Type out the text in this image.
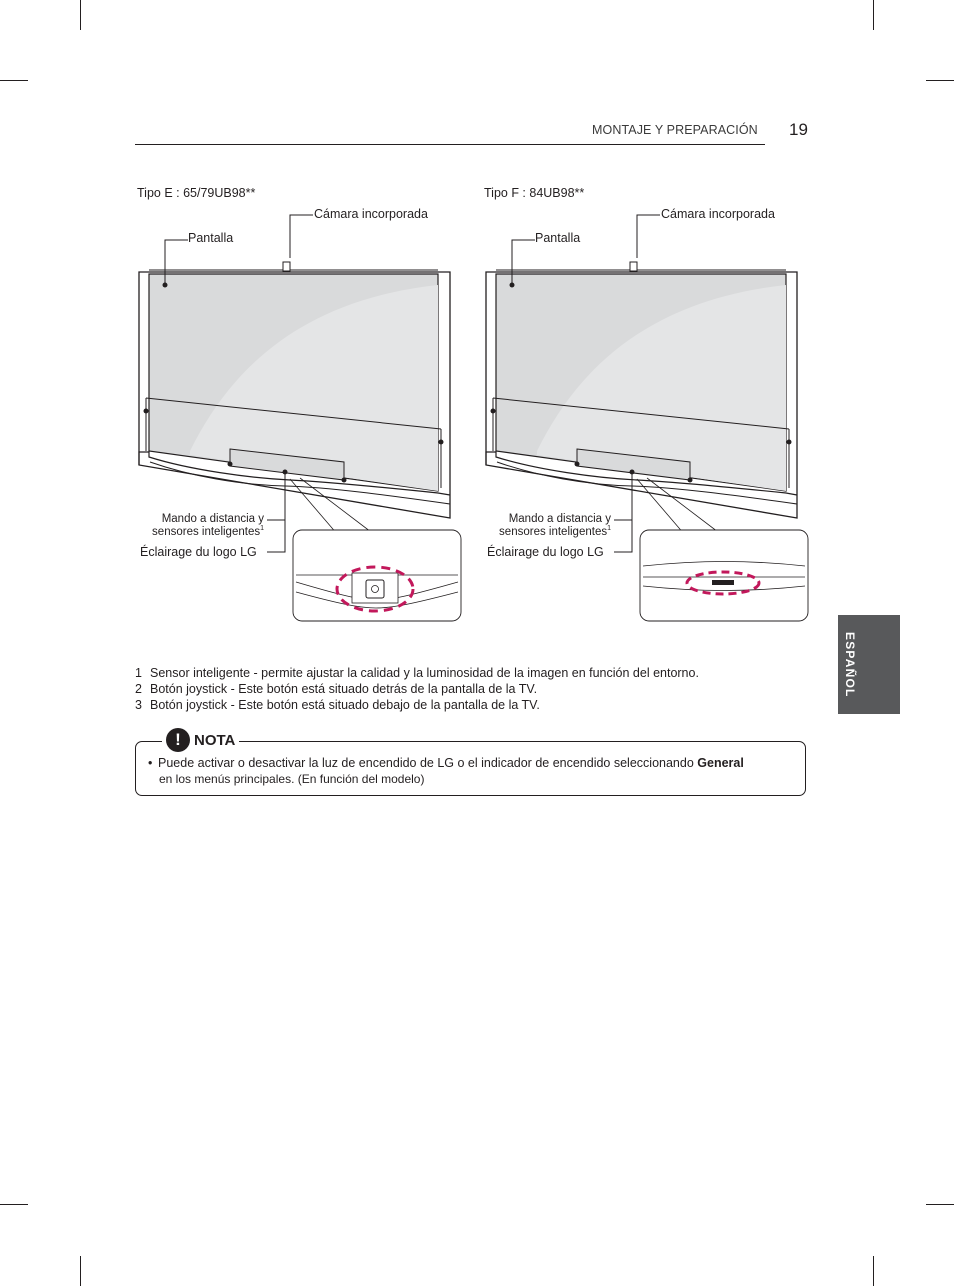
MONTAJE Y PREPARACIÓN 19
Tipo E : 65/79UB98**
Cámara incorporada
Pantalla
Mando a distancia y
sensores inteligentes$^1$
Éclairage du logo LG
Tipo F : 84UB98**
Cámara incorporada
Pantalla
Mando a distancia y
sensores inteligentes$^1$
Éclairage du logo LG
1 Sensor inteligente - permite ajustar la calidad y la luminosidad de la imagen en función del entorno.
2 Botón joystick - Este botón está situado detrás de la pantalla de la TV.
3 Botón joystick - Este botón está situado debajo de la pantalla de la TV.
! NOTA
• Puede activar o desactivar la luz de encendido de LG o el indicador de encendido seleccionando General
en los menús principales. (En función del modelo)
